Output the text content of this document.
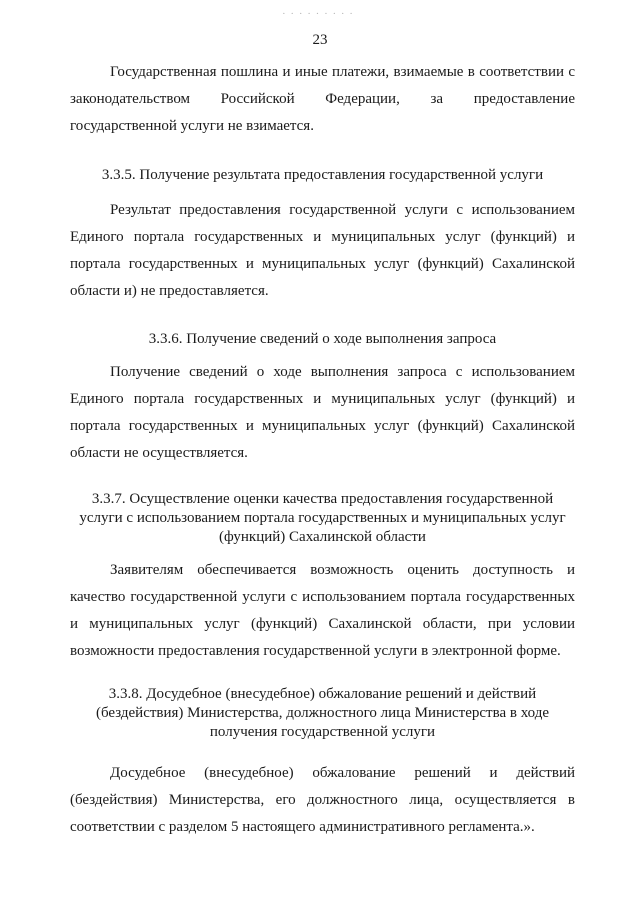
· · · · · · · · ·
23
Государственная пошлина и иные платежи, взимаемые в соответствии с
законодательством Российской Федерации, за предоставление
государственной услуги не взимается.
3.3.5. Получение результата предоставления государственной услуги
Результат предоставления государственной услуги с использованием
Единого портала государственных и муниципальных услуг (функций) и
портала государственных и муниципальных услуг (функций) Сахалинской
области и) не предоставляется.
3.3.6. Получение сведений о ходе выполнения запроса
Получение сведений о ходе выполнения запроса с использованием
Единого портала государственных и муниципальных услуг (функций) и
портала государственных и муниципальных услуг (функций) Сахалинской
области не осуществляется.
3.3.7. Осуществление оценки качества предоставления государственной
услуги с использованием портала государственных и муниципальных услуг
(функций) Сахалинской области
Заявителям обеспечивается возможность оценить доступность и
качество государственной услуги с использованием портала государственных
и муниципальных услуг (функций) Сахалинской области, при условии
возможности предоставления государственной услуги в электронной форме.
3.3.8. Досудебное (внесудебное) обжалование решений и действий
(бездействия) Министерства, должностного лица Министерства в ходе
получения государственной услуги
Досудебное (внесудебное) обжалование решений и действий
(бездействия) Министерства, его должностного лица, осуществляется в
соответствии с разделом 5 настоящего административного регламента.».
